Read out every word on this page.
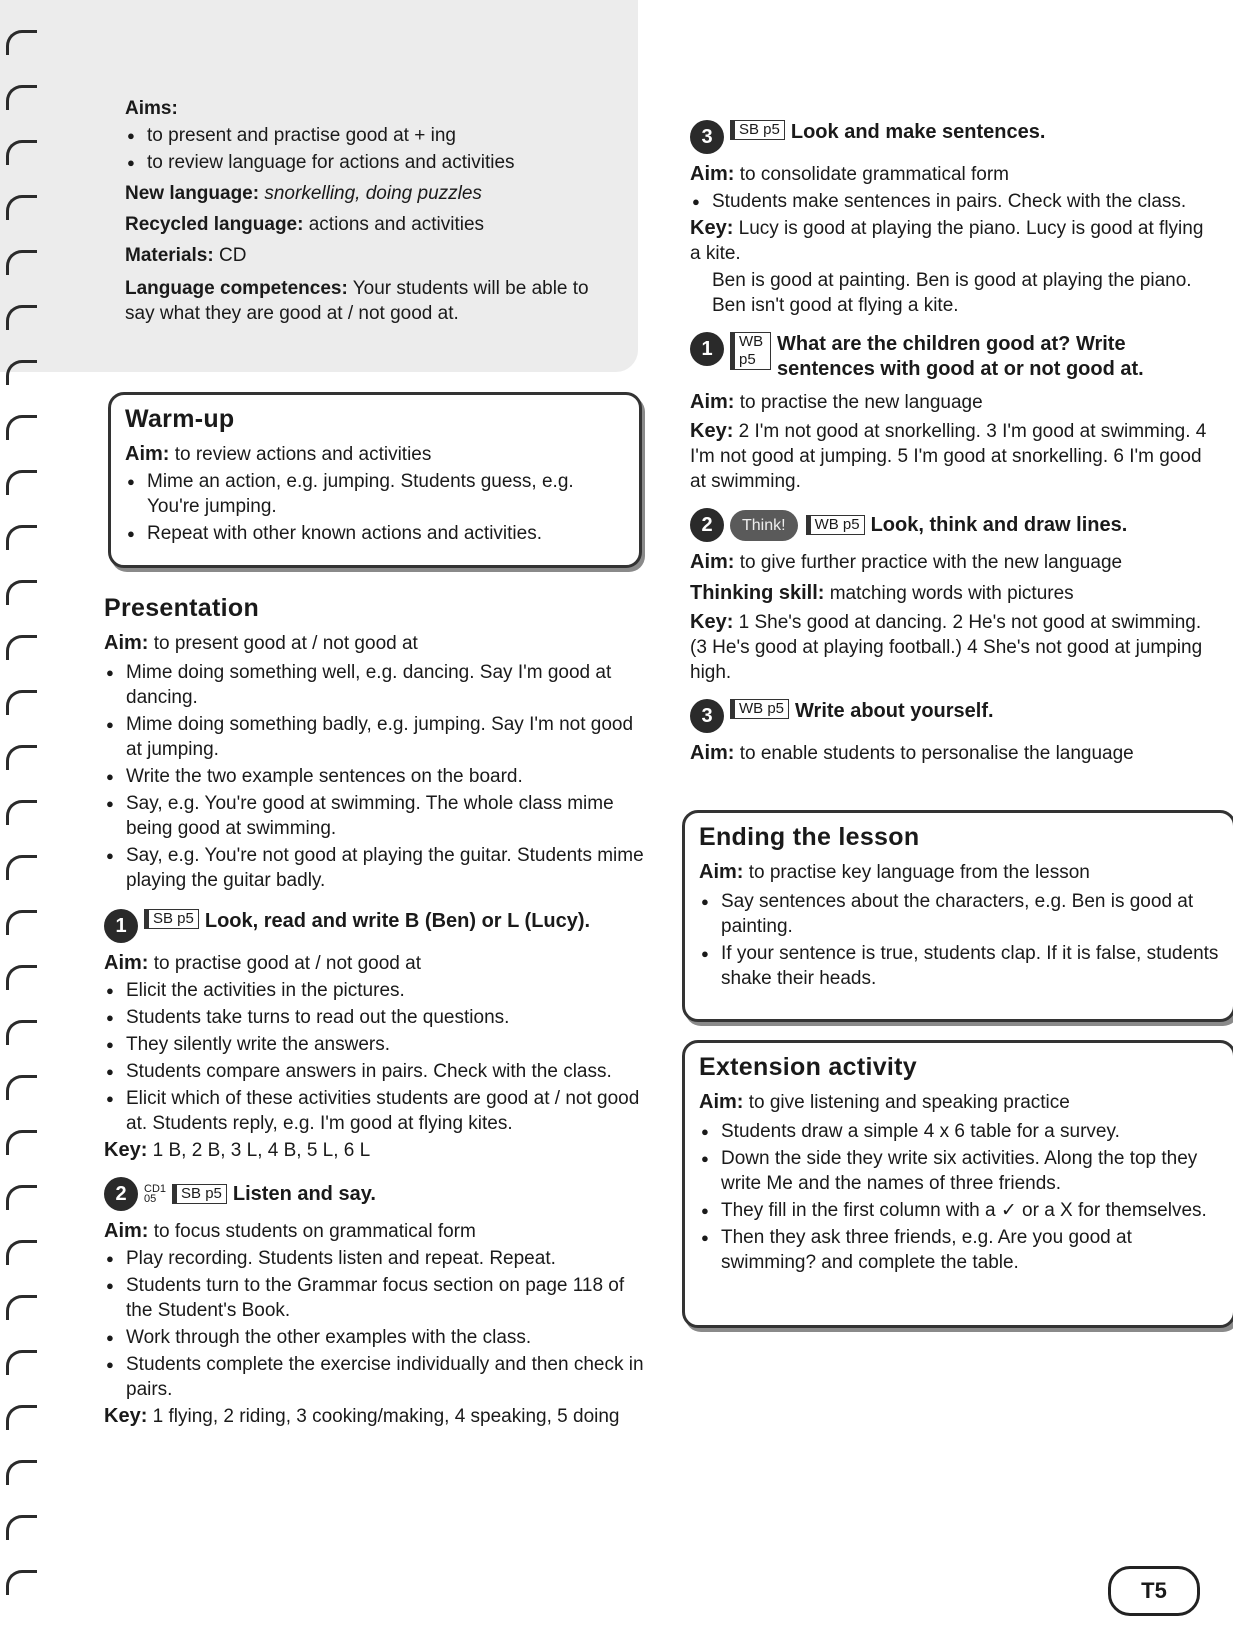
Aims:

● to present and practise good at + ing
● to review language for actions and activities

New language: snorkelling, doing puzzles

Recycled language: actions and activities

Materials: CD

Language competences: Your students will be able to say what they are good at / not good at.

Warm-up

Aim: to review actions and activities

● Mime an action, e.g. jumping. Students guess, e.g. You're jumping.
● Repeat with other known actions and activities.

Presentation

Aim: to present good at / not good at

● Mime doing something well, e.g. dancing. Say I'm good at dancing.
● Mime doing something badly, e.g. jumping. Say I'm not good at jumping.
● Write the two example sentences on the board.
● Say, e.g. You're good at swimming. The whole class mime being good at swimming.
● Say, e.g. You're not good at playing the guitar. Students mime playing the guitar badly.
1	SB p5 Look, read and write B (Ben) or L (Lucy).

Aim: to practise good at / not good at

● Elicit the activities in the pictures.
● Students take turns to read out the questions.
● They silently write the answers.
● Students compare answers in pairs. Check with the class.
● Elicit which of these activities students are good at / not good at. Students reply, e.g. I'm good at flying kites.

Key: 1 B, 2 B, 3 L, 4 B, 5 L, 6 L

2	CD1
05	SB p5 Listen and say.

Aim: to focus students on grammatical form

● Play recording. Students listen and repeat. Repeat.
● Students turn to the Grammar focus section on page 118 of the Student's Book.
● Work through the other examples with the class.
● Students complete the exercise individually and then check in pairs.

Key: 1 flying, 2 riding, 3 cooking/making, 4 speaking, 5 doing

3	SB p5 Look and make sentences.

Aim: to consolidate grammatical form

● Students make sentences in pairs. Check with the class.

Key: Lucy is good at playing the piano. Lucy is good at flying a kite.

Ben is good at painting. Ben is good at playing the piano. Ben isn't good at flying a kite.

1	WB p5
What are the children good at? Write sentences with good at or not good at.

Aim: to practise the new language

Key: 2 I'm not good at snorkelling. 3 I'm good at swimming. 4 I'm not good at jumping. 5 I'm good at snorkelling. 6 I'm good at swimming.

2	Think!	WB p5 Look, think and draw lines.

Aim: to give further practice with the new language

Thinking skill: matching words with pictures

Key: 1 She's good at dancing. 2 He's not good at swimming. (3 He's good at playing football.) 4 She's not good at jumping high.

3	WB p5 Write about yourself.

Aim: to enable students to personalise the language

Ending the lesson

Aim: to practise key language from the lesson

● Say sentences about the characters, e.g. Ben is good at painting.
● If your sentence is true, students clap. If it is false, students shake their heads.

Extension activity

Aim: to give listening and speaking practice

● Students draw a simple 4 x 6 table for a survey.
● Down the side they write six activities. Along the top they write Me and the names of three friends.
● They fill in the first column with a ✓ or a X for themselves.
● Then they ask three friends, e.g. Are you good at swimming? and complete the table.
T5
